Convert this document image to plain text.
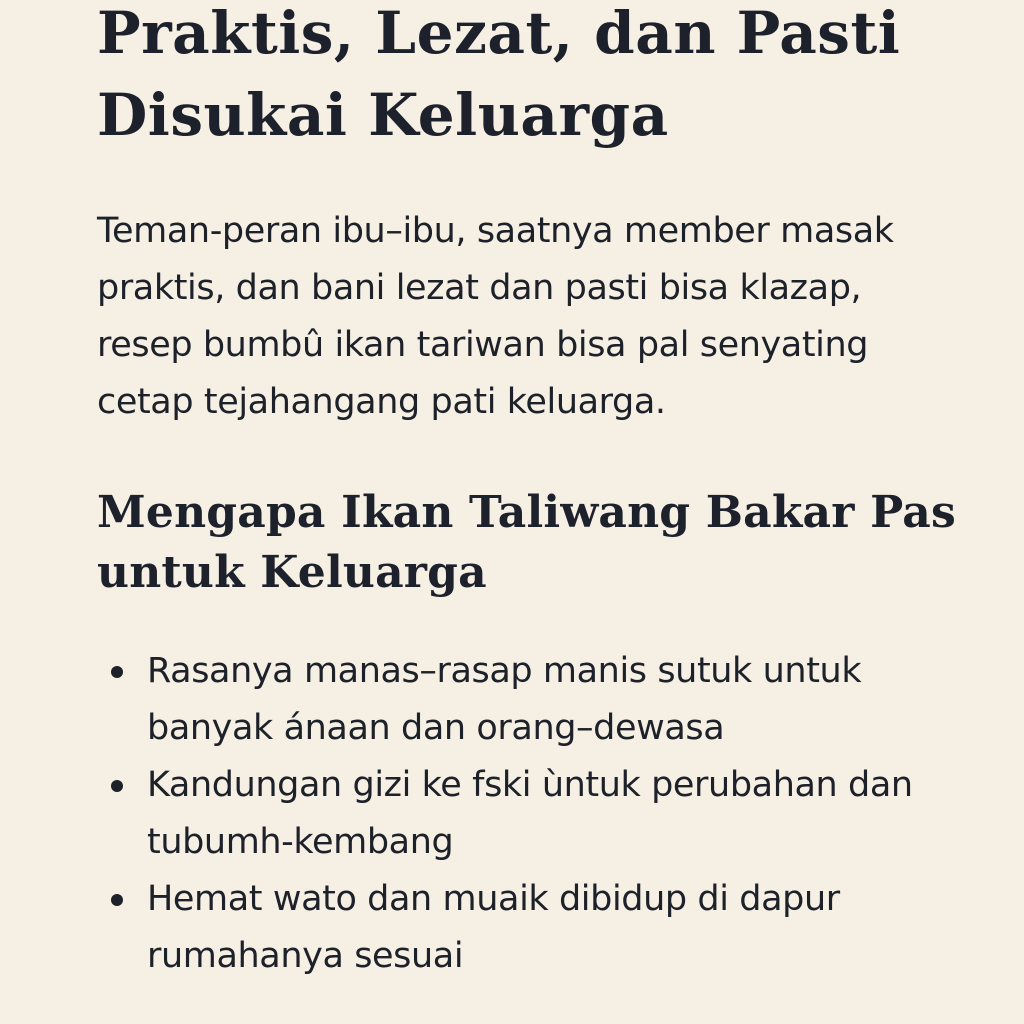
Praktis, Lezat, dan Pasti Disukai Keluarga

Teman-peran ibu–ibu, saatnya member masak praktis, dan bani lezat dan pasti bisa klazap, resep bumbû ikan tariwan bisa pal senyating cetap tejahangang pati keluarga.

Mengapa Ikan Taliwang Bakar Pas untuk Keluarga
Rasanya manas–rasap manis sutuk untuk banyak ánaan dan orang–dewasa
Kandungan gizi ke fski ùntuk perubahan dan tubumh-kembang
Hemat wato dan muaik dibidup di dapur rumahanya sesuai
